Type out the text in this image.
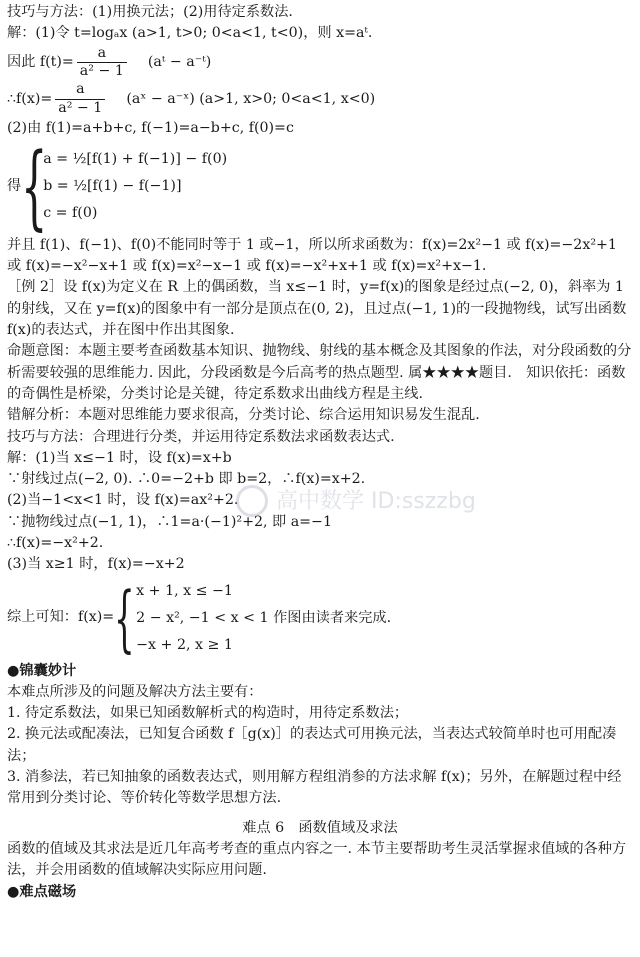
技巧与方法：(1)用换元法；(2)用待定系数法.
解：(1)令 t=logₐx (a>1, t>0; 0<a<1, t<0)，则 x=aᵗ.
因此 $f(t)= \frac{a}{\text{a² − 1}}$ (aᵗ − a⁻ᵗ)
∴f(x)= $\frac{a}{\text{a² − 1}}$ (aˣ − a⁻ˣ) (a>1, x>0; 0<a<1, x<0)
(2)由 f(1)=a+b+c, f(−1)=a−b+c, f(0)=c
得 {
a = ½[f(1) + f(−1)] − f(0)
b = ½[f(1) − f(−1)]
c = f(0)
并且 f(1)、f(−1)、f(0)不能同时等于 1 或−1，所以所求函数为：f(x)=2x²−1 或 f(x)=−2x²+1 或 f(x)=−x²−x+1 或 f(x)=x²−x−1 或 f(x)=−x²+x+1 或 f(x)=x²+x−1.
［例 2］设 f(x)为定义在 R 上的偶函数，当 x≤−1 时，y=f(x)的图象是经过点(−2, 0)，斜率为 1 的射线，又在 y=f(x)的图象中有一部分是顶点在(0, 2)，且过点(−1, 1)的一段抛物线，试写出函数 f(x)的表达式，并在图中作出其图象.
命题意图：本题主要考查函数基本知识、抛物线、射线的基本概念及其图象的作法，对分段函数的分析需要较强的思维能力. 因此，分段函数是今后高考的热点题型. 属★★★★题目.　知识依托：函数的奇偶性是桥梁，分类讨论是关键，待定系数求出曲线方程是主线.
错解分析：本题对思维能力要求很高，分类讨论、综合运用知识易发生混乱.
技巧与方法：合理进行分类，并运用待定系数法求函数表达式.
解：(1)当 x≤−1 时，设 f(x)=x+b
∵射线过点(−2, 0). ∴0=−2+b 即 b=2，∴f(x)=x+2.
(2)当−1<x<1 时，设 f(x)=ax²+2.
∵抛物线过点(−1, 1)，∴1=a·(−1)²+2, 即 a=−1
∴f(x)=−x²+2.
(3)当 x≥1 时，f(x)=−x+2
综上可知：f(x)= { x + 1, x ≤ −1
2 − x², −1 < x < 1 作图由读者来完成.
−x + 2, x ≥ 1
●锦囊妙计
本难点所涉及的问题及解决方法主要有：
1. 待定系数法，如果已知函数解析式的构造时，用待定系数法；
2. 换元法或配凑法，已知复合函数 f［g(x)］的表达式可用换元法，当表达式较简单时也可用配凑法；
3. 消参法，若已知抽象的函数表达式，则用解方程组消参的方法求解 f(x)；另外，在解题过程中经常用到分类讨论、等价转化等数学思想方法.
难点 6　函数值域及求法
函数的值域及其求法是近几年高考考查的重点内容之一. 本节主要帮助考生灵活掌握求值域的各种方法，并会用函数的值域解决实际应用问题.
●难点磁场
高中数学 ID:sszzbg
